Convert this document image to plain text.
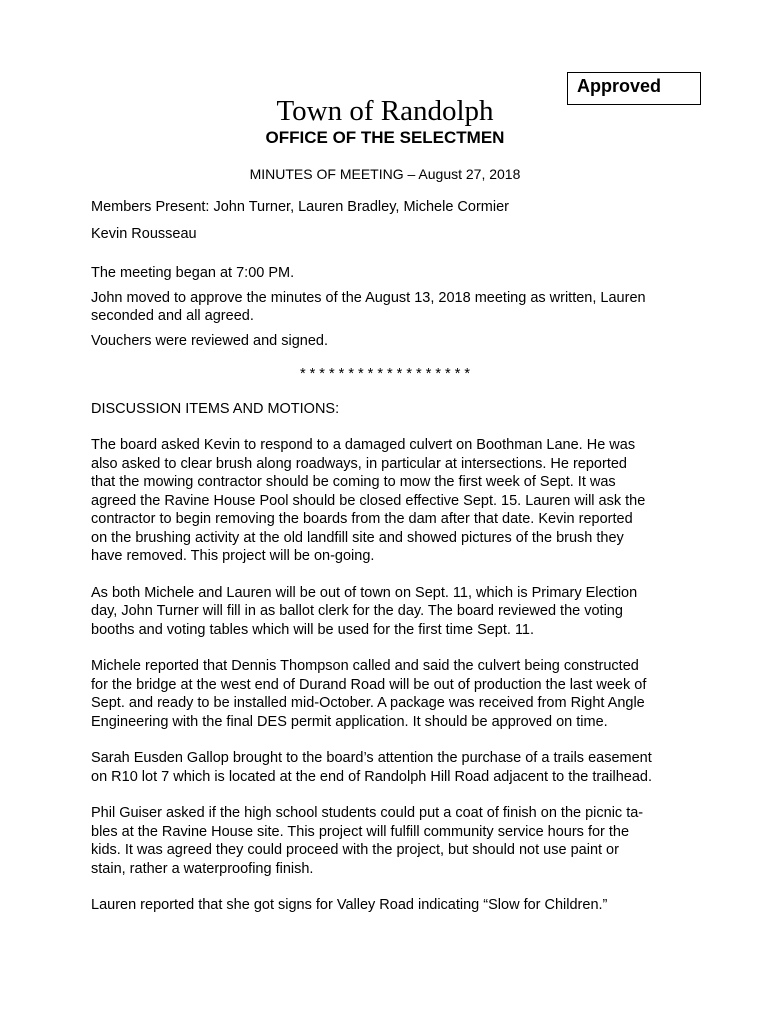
Approved
Town of Randolph
OFFICE OF THE SELECTMEN
MINUTES OF MEETING – August 27, 2018

Members Present: John Turner, Lauren Bradley, Michele Cormier
Kevin Rousseau

The meeting began at 7:00 PM.

John moved to approve the minutes of the August 13, 2018 meeting as written, Lauren
seconded and all agreed.

Vouchers were reviewed and signed.

* * * * * * * * * * * * * * * * * *

DISCUSSION ITEMS AND MOTIONS:

The board asked Kevin to respond to a damaged culvert on Boothman Lane. He was
also asked to clear brush along roadways, in particular at intersections. He reported
that the mowing contractor should be coming to mow the first week of Sept. It was
agreed the Ravine House Pool should be closed effective Sept. 15. Lauren will ask the
contractor to begin removing the boards from the dam after that date. Kevin reported
on the brushing activity at the old landfill site and showed pictures of the brush they
have removed. This project will be on-going.

As both Michele and Lauren will be out of town on Sept. 11, which is Primary Election
day, John Turner will fill in as ballot clerk for the day. The board reviewed the voting
booths and voting tables which will be used for the first time Sept. 11.

Michele reported that Dennis Thompson called and said the culvert being constructed
for the bridge at the west end of Durand Road will be out of production the last week of
Sept. and ready to be installed mid-October. A package was received from Right Angle
Engineering with the final DES permit application. It should be approved on time.

Sarah Eusden Gallop brought to the board’s attention the purchase of a trails easement
on R10 lot 7 which is located at the end of Randolph Hill Road adjacent to the trailhead.

Phil Guiser asked if the high school students could put a coat of finish on the picnic ta-
bles at the Ravine House site. This project will fulfill community service hours for the
kids. It was agreed they could proceed with the project, but should not use paint or
stain, rather a waterproofing finish.

Lauren reported that she got signs for Valley Road indicating “Slow for Children.”
